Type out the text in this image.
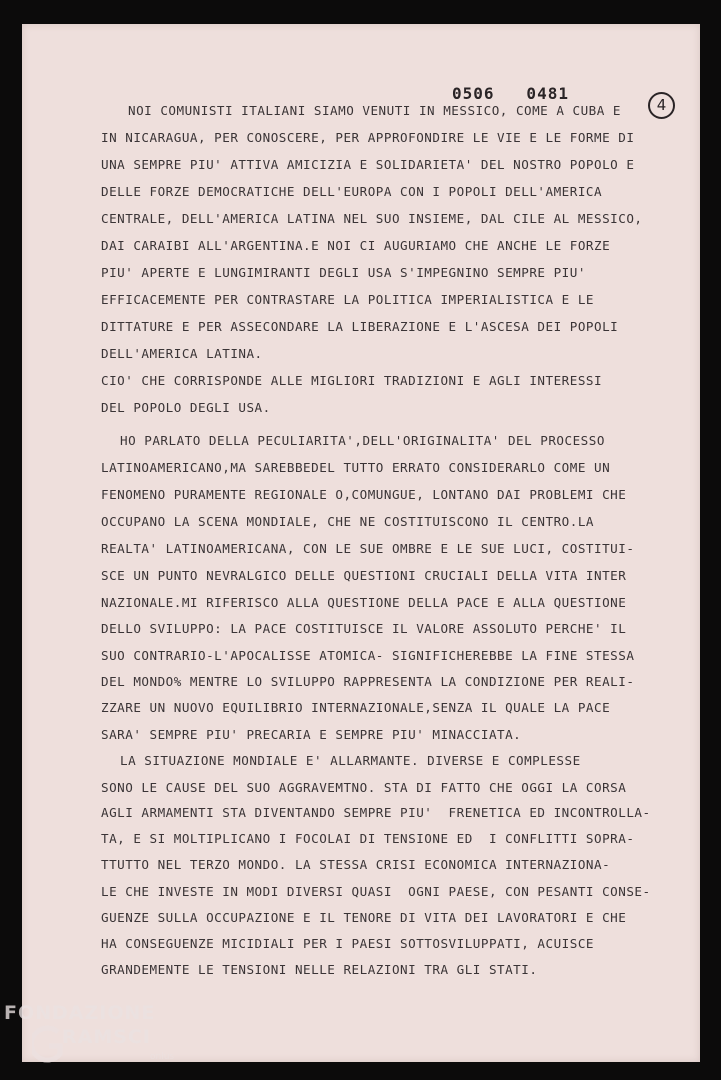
0506   0481
4
NOI COMUNISTI ITALIANI SIAMO VENUTI IN MESSICO, COME A CUBA E
IN NICARAGUA, PER CONOSCERE, PER APPROFONDIRE LE VIE E LE FORME DI
UNA SEMPRE PIU' ATTIVA AMICIZIA E SOLIDARIETA' DEL NOSTRO POPOLO E
DELLE FORZE DEMOCRATICHE DELL'EUROPA CON I POPOLI DELL'AMERICA
CENTRALE, DELL'AMERICA LATINA NEL SUO INSIEME, DAL CILE AL MESSICO,
DAI CARAIBI ALL'ARGENTINA.E NOI CI AUGURIAMO CHE ANCHE LE FORZE
PIU' APERTE E LUNGIMIRANTI DEGLI USA S'IMPEGNINO SEMPRE PIU'
EFFICACEMENTE PER CONTRASTARE LA POLITICA IMPERIALISTICA E LE
DITTATURE E PER ASSECONDARE LA LIBERAZIONE E L'ASCESA DEI POPOLI
DELL'AMERICA LATINA.
CIO' CHE CORRISPONDE ALLE MIGLIORI TRADIZIONI E AGLI INTERESSI
DEL POPOLO DEGLI USA.
HO PARLATO DELLA PECULIARITA',DELL'ORIGINALITA' DEL PROCESSO
LATINOAMERICANO,MA SAREBBEDEL TUTTO ERRATO CONSIDERARLO COME UN
FENOMENO PURAMENTE REGIONALE O,COMUNGUE, LONTANO DAI PROBLEMI CHE
OCCUPANO LA SCENA MONDIALE, CHE NE COSTITUISCONO IL CENTRO.LA
REALTA' LATINOAMERICANA, CON LE SUE OMBRE E LE SUE LUCI, COSTITUI-
SCE UN PUNTO NEVRALGICO DELLE QUESTIONI CRUCIALI DELLA VITA INTER
NAZIONALE.MI RIFERISCO ALLA QUESTIONE DELLA PACE E ALLA QUESTIONE
DELLO SVILUPPO: LA PACE COSTITUISCE IL VALORE ASSOLUTO PERCHE' IL
SUO CONTRARIO-L'APOCALISSE ATOMICA- SIGNIFICHEREBBE LA FINE STESSA
DEL MONDO% MENTRE LO SVILUPPO RAPPRESENTA LA CONDIZIONE PER REALI-
ZZARE UN NUOVO EQUILIBRIO INTERNAZIONALE,SENZA IL QUALE LA PACE
SARA' SEMPRE PIU' PRECARIA E SEMPRE PIU' MINACCIATA.
LA SITUAZIONE MONDIALE E' ALLARMANTE. DIVERSE E COMPLESSE
SONO LE CAUSE DEL SUO AGGRAVEMTNO. STA DI FATTO CHE OGGI LA CORSA
AGLI ARMAMENTI STA DIVENTANDO SEMPRE PIU'  FRENETICA ED INCONTROLLA-
TA, E SI MOLTIPLICANO I FOCOLAI DI TENSIONE ED  I CONFLITTI SOPRA-
TTUTTO NEL TERZO MONDO. LA STESSA CRISI ECONOMICA INTERNAZIONA-
LE CHE INVESTE IN MODI DIVERSI QUASI  OGNI PAESE, CON PESANTI CONSE-
GUENZE SULLA OCCUPAZIONE E IL TENORE DI VITA DEI LAVORATORI E CHE
HA CONSEGUENZE MICIDIALI PER I PAESI SOTTOSVILUPPATI, ACUISCE
GRANDEMENTE LE TENSIONI NELLE RELAZIONI TRA GLI STATI.
FONDAZIONE
RAMSCI
onlus
